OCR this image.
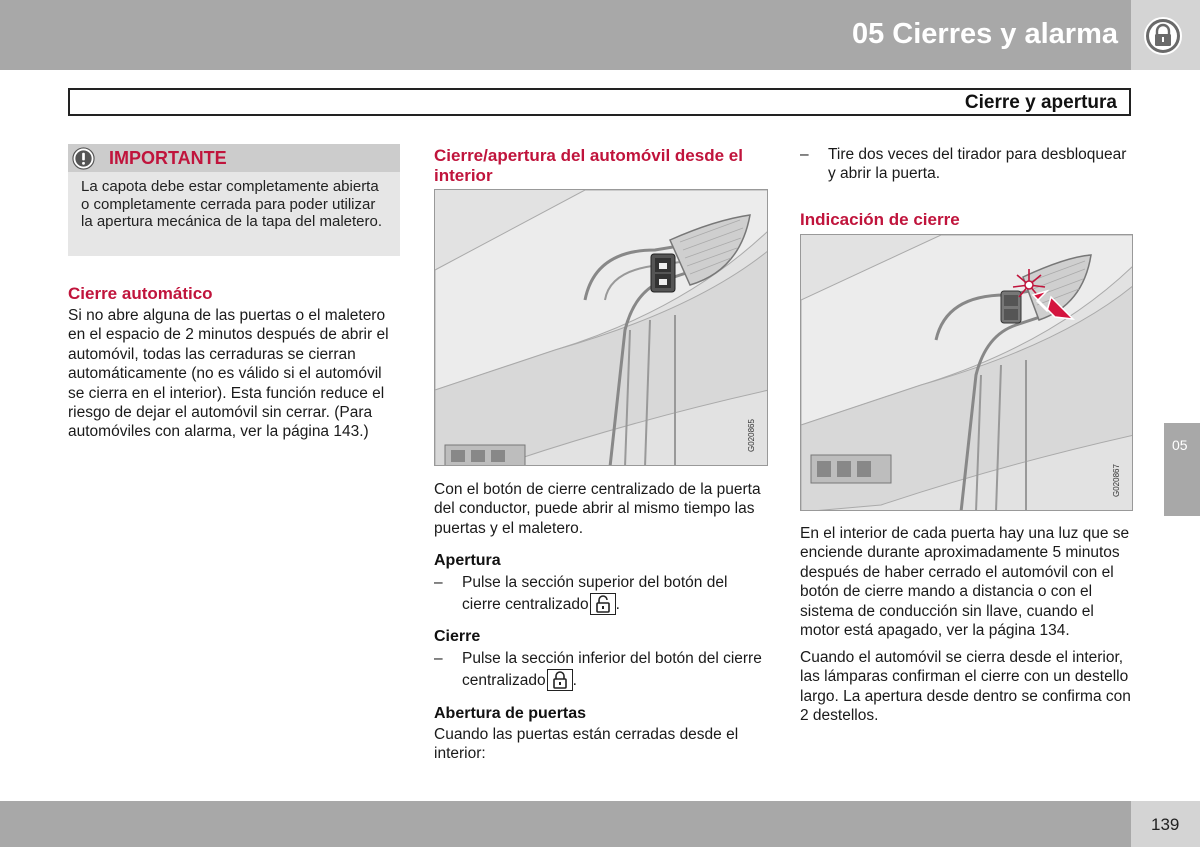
05 Cierres y alarma
Cierre y apertura
IMPORTANTE
La capota debe estar completamente abierta o completamente cerrada para poder utilizar la apertura mecánica de la tapa del maletero.
Cierre automático
Si no abre alguna de las puertas o el maletero en el espacio de 2 minutos después de abrir el automóvil, todas las cerraduras se cierran automáticamente (no es válido si el automóvil se cierra en el interior). Esta función reduce el riesgo de dejar el automóvil sin cerrar. (Para automóviles con alarma, ver la página 143.)
Cierre/apertura del automóvil desde el interior
G020865
Con el botón de cierre centralizado de la puerta del conductor, puede abrir al mismo tiempo las puertas y el maletero.
Apertura
– Pulse la sección superior del botón del cierre centralizado .
Cierre
– Pulse la sección inferior del botón del cierre centralizado .
Abertura de puertas
Cuando las puertas están cerradas desde el interior:
– Tire dos veces del tirador para desbloquear y abrir la puerta.
Indicación de cierre
G020867
En el interior de cada puerta hay una luz que se enciende durante aproximadamente 5 minutos después de haber cerrado el automóvil con el botón de cierre mando a distancia o con el sistema de conducción sin llave, cuando el motor está apagado, ver la página 134.
Cuando el automóvil se cierra desde el interior, las lámparas confirman el cierre con un destello largo. La apertura desde dentro se confirma con 2 destellos.
05
139
